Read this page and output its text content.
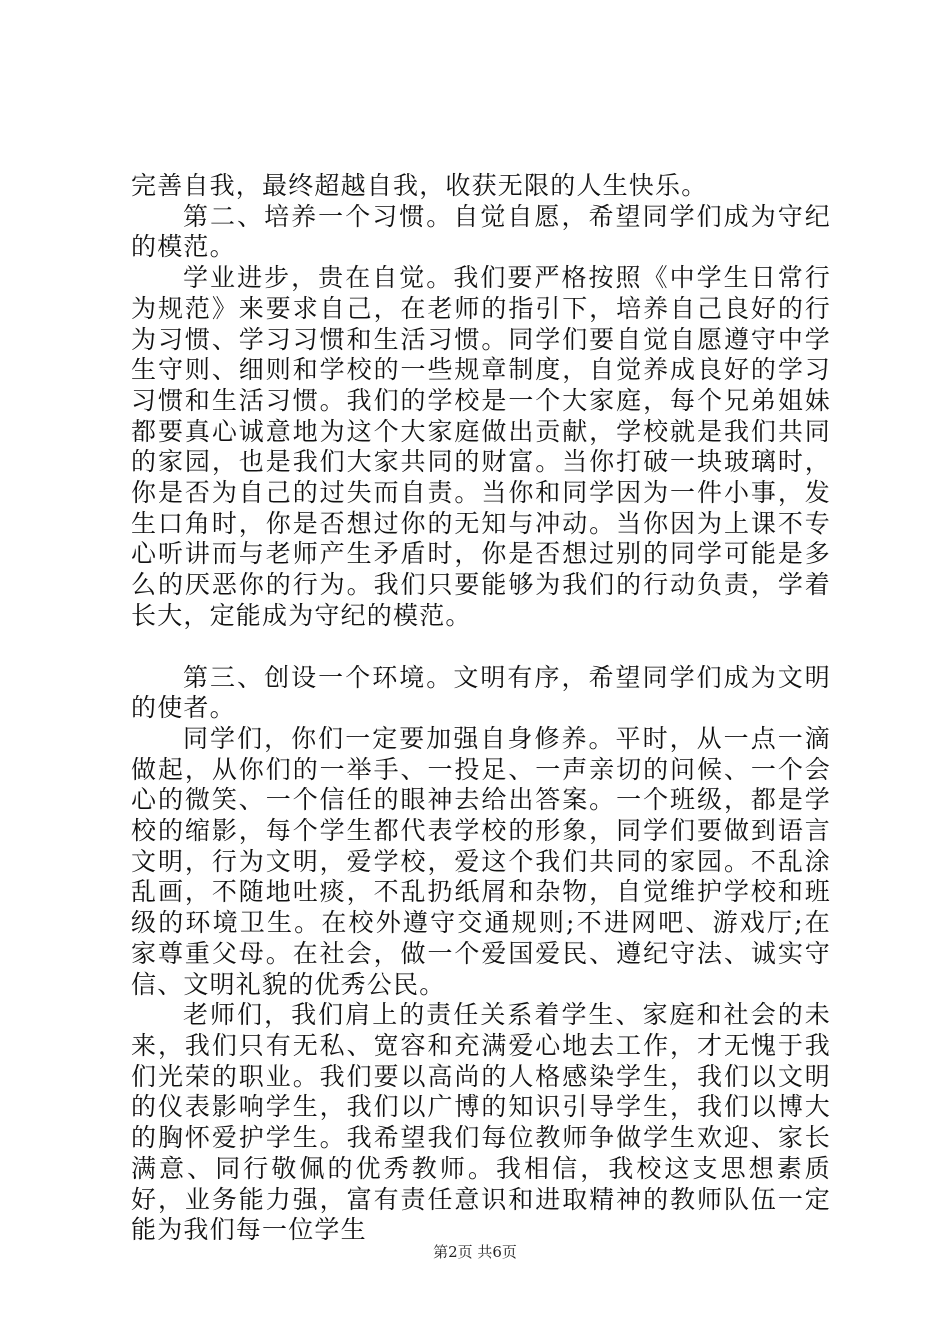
完善自我，最终超越自我，收获无限的人生快乐。

第二、培养一个习惯。自觉自愿，希望同学们成为守纪的模范。

学业进步，贵在自觉。我们要严格按照《中学生日常行为规范》来要求自己，在老师的指引下，培养自己良好的行为习惯、学习习惯和生活习惯。同学们要自觉自愿遵守中学生守则、细则和学校的一些规章制度，自觉养成良好的学习习惯和生活习惯。我们的学校是一个大家庭，每个兄弟姐妹都要真心诚意地为这个大家庭做出贡献，学校就是我们共同的家园，也是我们大家共同的财富。当你打破一块玻璃时，你是否为自己的过失而自责。当你和同学因为一件小事，发生口角时，你是否想过你的无知与冲动。当你因为上课不专心听讲而与老师产生矛盾时，你是否想过别的同学可能是多么的厌恶你的行为。我们只要能够为我们的行动负责，学着长大，定能成为守纪的模范。

第三、创设一个环境。文明有序，希望同学们成为文明的使者。

同学们，你们一定要加强自身修养。平时，从一点一滴做起，从你们的一举手、一投足、一声亲切的问候、一个会心的微笑、一个信任的眼神去给出答案。一个班级，都是学校的缩影，每个学生都代表学校的形象，同学们要做到语言文明，行为文明，爱学校，爱这个我们共同的家园。不乱涂乱画，不随地吐痰，不乱扔纸屑和杂物，自觉维护学校和班级的环境卫生。在校外遵守交通规则;不进网吧、游戏厅;在家尊重父母。在社会，做一个爱国爱民、遵纪守法、诚实守信、文明礼貌的优秀公民。

老师们，我们肩上的责任关系着学生、家庭和社会的未来，我们只有无私、宽容和充满爱心地去工作，才无愧于我们光荣的职业。我们要以高尚的人格感染学生，我们以文明的仪表影响学生，我们以广博的知识引导学生，我们以博大的胸怀爱护学生。我希望我们每位教师争做学生欢迎、家长满意、同行敬佩的优秀教师。我相信，我校这支思想素质好，业务能力强，富有责任意识和进取精神的教师队伍一定能为我们每一位学生

第2页 共6页
